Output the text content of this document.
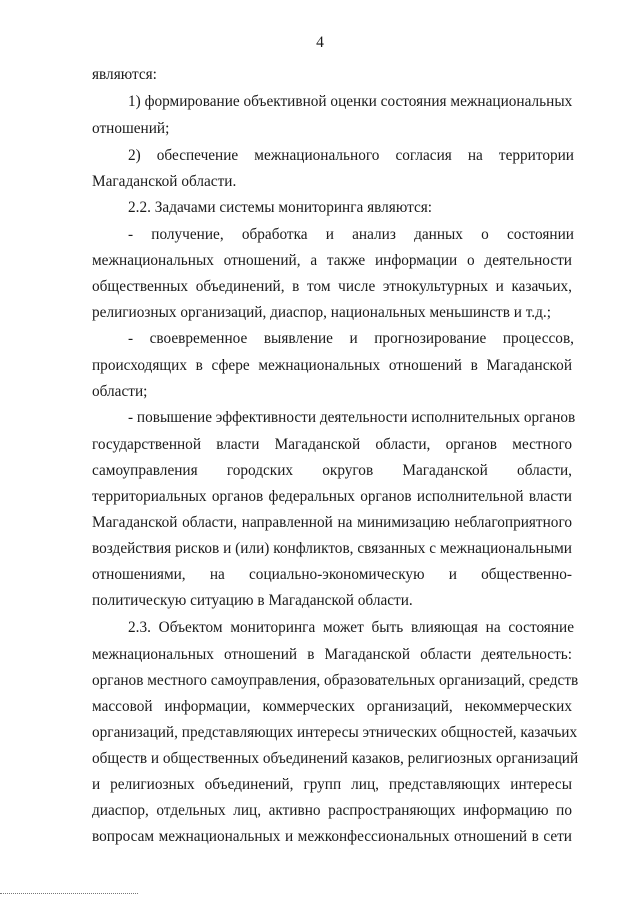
4
являются:
1) формирование объективной оценки состояния межнациональных
отношений;
2) обеспечение межнационального согласия на территории
Магаданской области.
2.2. Задачами системы мониторинга являются:
- получение, обработка и анализ данных о состоянии
межнациональных отношений, а также информации о деятельности
общественных объединений, в том числе этнокультурных и казачьих,
религиозных организаций, диаспор, национальных меньшинств и т.д.;
- своевременное выявление и прогнозирование процессов,
происходящих в сфере межнациональных отношений в Магаданской
области;
- повышение эффективности деятельности исполнительных органов
государственной власти Магаданской области, органов местного
самоуправления городских округов Магаданской области,
территориальных органов федеральных органов исполнительной власти
Магаданской области, направленной на минимизацию неблагоприятного
воздействия рисков и (или) конфликтов, связанных с межнациональными
отношениями, на социально-экономическую и общественно-
политическую ситуацию в Магаданской области.
2.3. Объектом мониторинга может быть влияющая на состояние
межнациональных отношений в Магаданской области деятельность:
органов местного самоуправления, образовательных организаций, средств
массовой информации, коммерческих организаций, некоммерческих
организаций, представляющих интересы этнических общностей, казачьих
обществ и общественных объединений казаков, религиозных организаций
и религиозных объединений, групп лиц, представляющих интересы
диаспор, отдельных лиц, активно распространяющих информацию по
вопросам межнациональных и межконфессиональных отношений в сети
